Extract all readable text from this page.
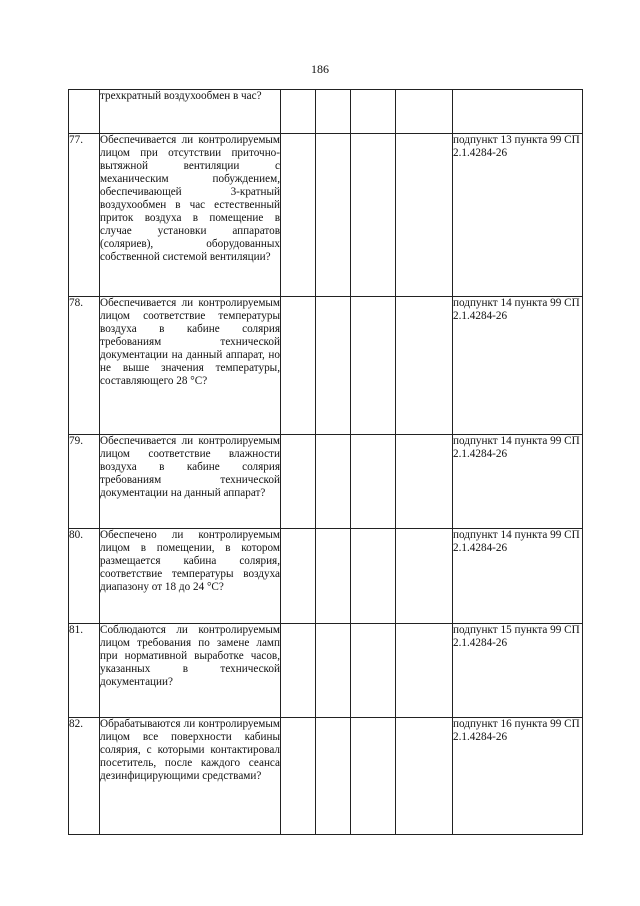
186

	трехкратный воздухообмен в час?					

77.	Обеспечивается ли контролируемым лицом при отсутствии приточно-вытяжной вентиляции с механическим побуждением, обеспечивающей 3-кратный воздухообмен в час естественный приток воздуха в помещение в случае установки аппаратов (соляриев), оборудованных собственной системой вентиляции?					подпункт 13 пункта 99 СП 2.1.4284-26
78.	Обеспечивается ли контролируемым лицом соответствие температуры воздуха в кабине солярия требованиям технической документации на данный аппарат, но не выше значения температуры, составляющего 28 °С?					подпункт 14 пункта 99 СП 2.1.4284-26
79.	Обеспечивается ли контролируемым лицом соответствие влажности воздуха в кабине солярия требованиям технической документации на данный аппарат?					подпункт 14 пункта 99 СП 2.1.4284-26
80.	Обеспечено ли контролируемым лицом в помещении, в котором размещается кабина солярия, соответствие температуры воздуха диапазону от 18 до 24 °С?					подпункт 14 пункта 99 СП 2.1.4284-26
81.	Соблюдаются ли контролируемым лицом требования по замене ламп при нормативной выработке часов, указанных в технической документации?					подпункт 15 пункта 99 СП 2.1.4284-26
82.	Обрабатываются ли контролируемым лицом все поверхности кабины солярия, с которыми контактировал посетитель, после каждого сеанса дезинфицирующими средствами?					подпункт 16 пункта 99 СП 2.1.4284-26
